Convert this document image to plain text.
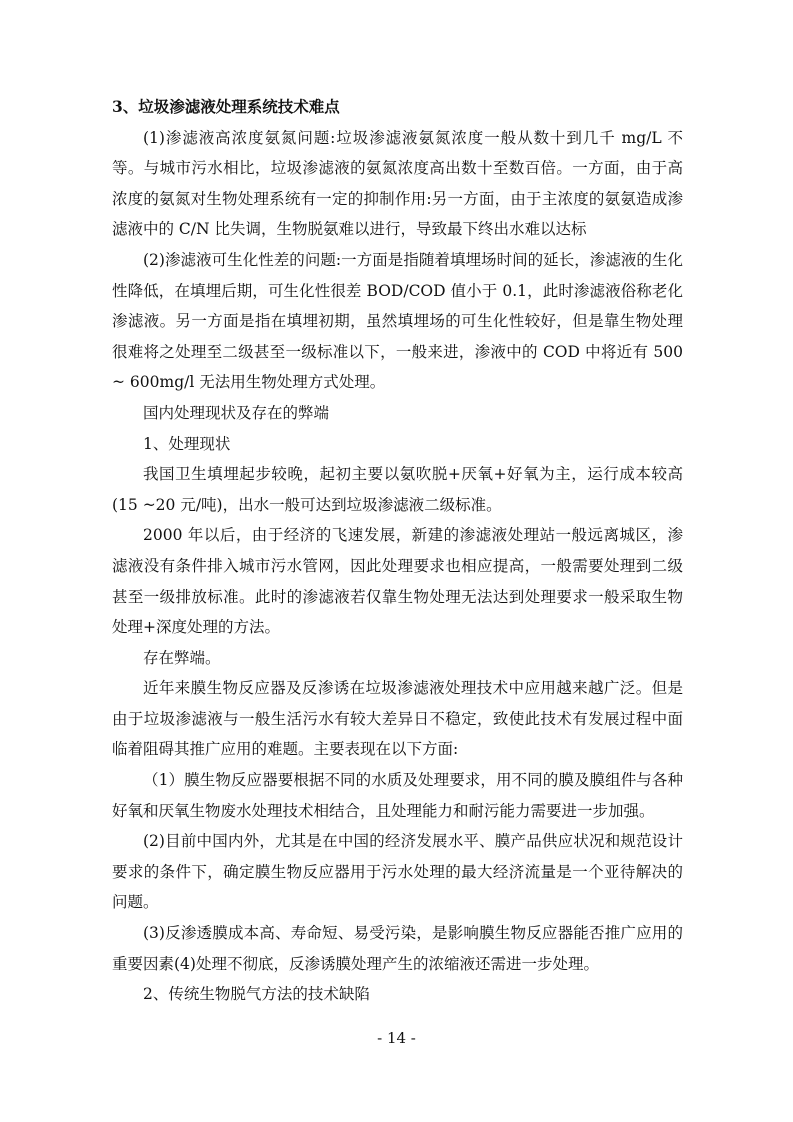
3、垃圾渗滤液处理系统技术难点

(1)渗滤液高浓度氨氮问题:垃圾渗滤液氨氮浓度一般从数十到几千 mg/L 不等。与城市污水相比，垃圾渗滤液的氨氮浓度高出数十至数百倍。一方面，由于高浓度的氨氮对生物处理系统有一定的抑制作用:另一方面，由于主浓度的氨氨造成渗滤液中的 C/N 比失调，生物脱氨难以进行，导致最下终出水难以达标

(2)渗滤液可生化性差的问题:一方面是指随着填埋场时间的延长，渗滤液的生化性降低，在填埋后期，可生化性很差 BOD/COD 值小于 0.1，此时渗滤液俗称老化渗滤液。另一方面是指在填埋初期，虽然填埋场的可生化性较好，但是靠生物处理很难将之处理至二级甚至一级标准以下，一般来进，渗液中的 COD 中将近有 500 ~ 600mg/l 无法用生物处理方式处理。

国内处理现状及存在的弊端

1、处理现状

我国卫生填埋起步较晚，起初主要以氨吹脱+厌氧+好氧为主，运行成本较高 (15 ~20 元/吨)，出水一般可达到垃圾渗滤液二级标准。

2000 年以后，由于经济的飞速发展，新建的渗滤液处理站一般远离城区，渗滤液没有条件排入城市污水管网，因此处理要求也相应提高，一般需要处理到二级甚至一级排放标准。此时的渗滤液若仅靠生物处理无法达到处理要求一般采取生物处理+深度处理的方法。

存在弊端。

近年来膜生物反应器及反渗诱在垃圾渗滤液处理技术中应用越来越广泛。但是由于垃圾渗滤液与一般生活污水有较大差异日不稳定，致使此技术有发展过程中面临着阻碍其推广应用的难题。主要表现在以下方面:

（1）膜生物反应器要根据不同的水质及处理要求，用不同的膜及膜组件与各种好氧和厌氧生物废水处理技术相结合，且处理能力和耐污能力需要进一步加强。

(2)目前中国内外，尤其是在中国的经济发展水平、膜产品供应状况和规范设计要求的条件下，确定膜生物反应器用于污水处理的最大经济流量是一个亚待解决的问题。

(3)反渗透膜成本高、寿命短、易受污染，是影响膜生物反应器能否推广应用的重要因素(4)处理不彻底，反渗诱膜处理产生的浓缩液还需进一步处理。

2、传统生物脱气方法的技术缺陷

- 14 -
